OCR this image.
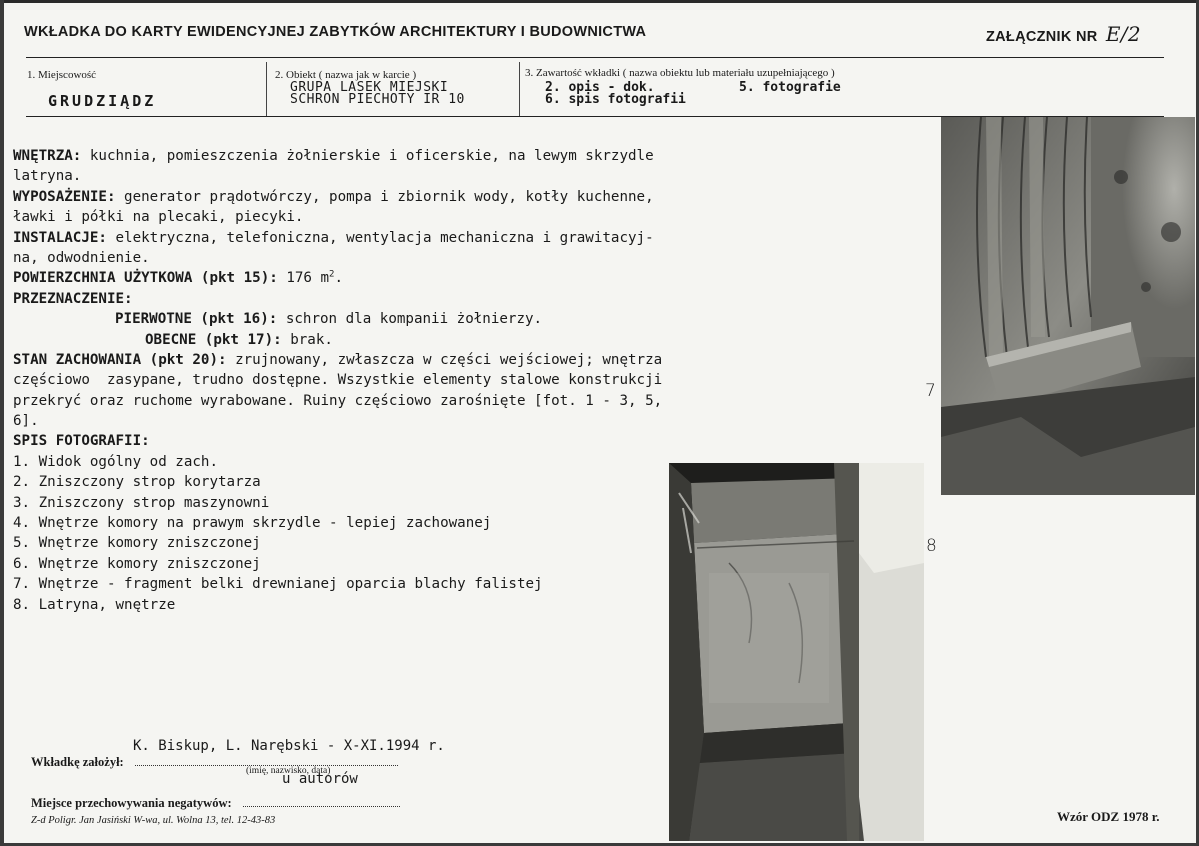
WKŁADKA DO KARTY EWIDENCYJNEJ ZABYTKÓW ARCHITEKTURY I BUDOWNICTWA	ZAŁĄCZNIK NR E/2
1. Miejscowość
GRUDZIĄDZ
2. Obiekt ( nazwa jak w karcie )
GRUPA LASEK MIEJSKI
SCHRON PIECHOTY IR 10
3. Zawartość wkładki ( nazwa obiektu lub materiału uzupełniającego )
2. opis - dok.	5. fotografie
6. spis fotografii
WNĘTRZA: kuchnia, pomieszczenia żołnierskie i oficerskie, na lewym skrzydle
latryna.
WYPOSAŻENIE: generator prądotwórczy, pompa i zbiornik wody, kotły kuchenne,
ławki i półki na plecaki, piecyki.
INSTALACJE: elektryczna, telefoniczna, wentylacja mechaniczna i grawitacyj-
na, odwodnienie.
POWIERZCHNIA UŻYTKOWA (pkt 15): 176 $m^2$.
PRZEZNACZENIE:
PIERWOTNE (pkt 16): schron dla kompanii żołnierzy.
OBECNE (pkt 17): brak.
STAN ZACHOWANIA (pkt 20): zrujnowany, zwłaszcza w części wejściowej; wnętrza
częściowo  zasypane, trudno dostępne. Wszystkie elementy stalowe konstrukcji
przekryć oraz ruchome wyrabowane. Ruiny częściowo zarośnięte [fot. 1 - 3, 5,
6].
SPIS FOTOGRAFII:
1. Widok ogólny od zach.
2. Zniszczony strop korytarza
3. Zniszczony strop maszynowni
4. Wnętrze komory na prawym skrzydle - lepiej zachowanej
5. Wnętrze komory zniszczonej
6. Wnętrze komory zniszczonej
7. Wnętrze - fragment belki drewnianej oparcia blachy falistej
8. Latryna, wnętrze
7
8
K. Biskup, L. Narębski - X-XI.1994 r.
Wkładkę założył:
(imię, nazwisko, data)
u autorów
Miejsce przechowywania negatywów:
Z-d Poligr. Jan Jasiński W-wa, ul. Wolna 13, tel. 12-43-83	Wzór ODZ 1978 r.
